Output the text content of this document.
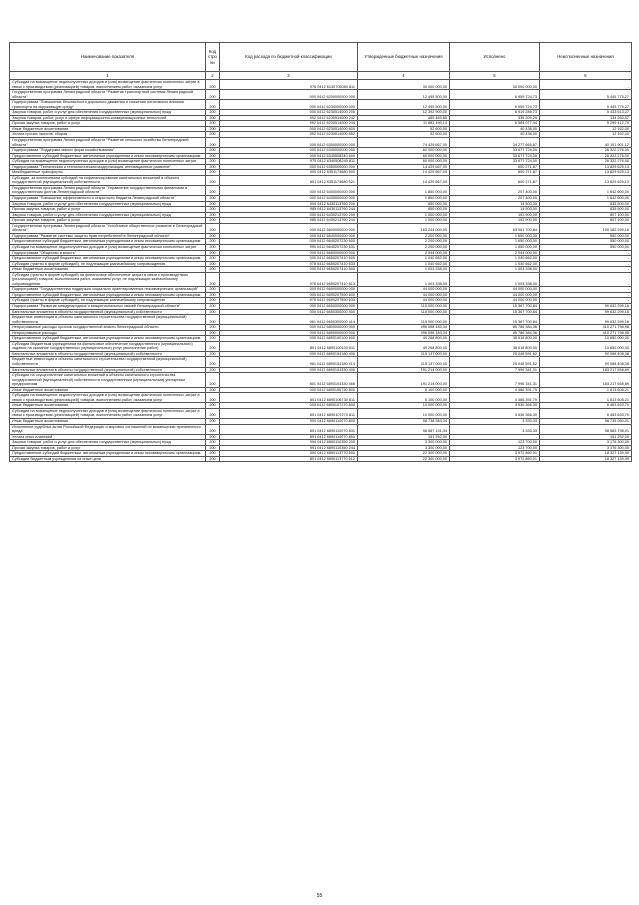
Наименование показателя	Код стро ки	Код расхода по бюджетной классификации	Утвержденные бюджетные назначения	Исполнено	Неисполненные назначения
1	2	3	4	5	6
Субсидии на возмещение недополученных доходов и (или) возмещение фактически понесенных затрат в связи с производством (реализацией) товаров, выполнением работ, оказанием услуг	200	976 0412 6130705080 811	30 000 000,00	30 000 000,00	-
Государственная программа Ленинградской области "Развитие транспортной системы Ленинградской области"	200	000 0412 6200000000 000	12 495 500,00	6 959 724,73	5 445 775,27
Подпрограмма "Повышение безопасности дорожного движения и снижение негативного влияния транспорта на окружающую среду"	200	000 0412 6230000000 000	12 495 500,00	6 959 724,73	5 445 775,27
Закупка товаров, работ и услуг для обеспечения государственных (муниципальных) нужд	200	000 0412 6230514000 200	12 392 900,00	6 919 286,73	5 433 613,27
Закупка товаров, работ, услуг в сфере информационно-коммуникационных технологий	200	992 0412 6230514000 242	469 469,85	335 209,29	134 260,57
Прочая закупка товаров, работ и услуг	200	992 0412 6230514000 244	11 883 490,14	6 584 077,44	5 299 412,70
Иные бюджетные ассигнования	200	000 0412 6230514000 800	52 600,00	40 438,00	12 162,00
Уплата прочих налогов, сборов	200	992 0412 6230514000 852	52 600,00	40 438,00	12 162,00
Государственная программа Ленинградской области "Развитие сельского хозяйства Ленинградской области"	200	000 0412 6300000000 000	74 429 667,00	34 277 665,87	40 151 901,12
Подпрограмма "Поддержка малых форм хозяйствования"	200	000 0412 6340000000 000	60 000 000,00	33 677 724,00	26 322 276,00
Предоставление субсидий бюджетным, автономным учреждениям и иным некоммерческим организациям	200	000 0412 6340508240 600	60 000 000,00	33 677 724,00	26 322 276,00
Субсидии на возмещение недополученных доходов и (или) возмещение фактически понесенных затрат	200	975 0412 6340508240 811	60 000 000,00	33 677 724,00	26 322 276,00
Подпрограмма "Техническая и технологическая модернизация, инновационное развитие"	200	000 0412 6350000000 000	14 429 667,00	600 271,87	13 829 625,13
Межбюджетные трансферты	200	000 0412 6351174680 500	14 429 667,00	600 271,87	13 829 625,13
Субсидии, за исключением субсидий на софинансирование капитальных вложений в объекты государственной (муниципальной) собственности	200	801 0412 6351174680 521	14 429 667,00	600 271,87	13 829 625,13
Государственная программа Ленинградской области "Управление государственными финансами и государственным долгом Ленинградской области"	200	000 0412 6400000000 000	1 850 000,00	207 400,00	1 642 600,00
Подпрограмма "Повышение эффективности и открытости бюджета Ленинградской области"	200	000 0412 6430000000 000	1 850 000,00	207 400,00	1 642 600,00
Закупка товаров, работ и услуг для обеспечения государственных (муниципальных) нужд	200	000 0412 6430113760 200	850 000,00	14 500,00	835 500,00
Прочая закупка товаров, работ и услуг	200	985 0412 6430113760 244	850 000,00	14 500,00	835 500,00
Закупка товаров, работ и услуг для обеспечения государственных (муниципальных) нужд	200	000 0412 6430213760 200	1 000 000,00	192 900,00	807 100,00
Прочая закупка товаров, работ и услуг	200	985 0412 6430213760 244	1 000 000,00	192 900,00	807 100,00
Государственная программа Ленинградской области "Устойчивое общественное развитие в Ленинградской области"	200	000 0412 6600000000 000	163 244 000,00	63 061 700,84	100 182 299,16
Подпрограмма "Развитие системы защиты прав потребителей в Ленинградской области"	200	000 0412 6640000000 000	2 200 000,00	1 650 000,00	550 000,00
Предоставление субсидий бюджетным, автономным учреждениям и иным некоммерческим организациям	200	000 0412 6640207230 600	2 200 000,00	1 650 000,00	550 000,00
Субсидии на возмещение недополученных доходов и (или) возмещение фактически понесенных затрат	200	990 0412 6640207230 631	2 200 000,00	1 650 000,00	550 000,00
Подпрограмма "Общество и власть"	200	000 0412 6650000000 000	2 044 000,00	2 044 000,00	-
Предоставление субсидий бюджетным, автономным учреждениям и иным некоммерческим организациям	200	000 0412 6650207410 600	1 040 662,00	1 040 662,00	-
Субсидии (гранты в форме субсидий), не подлежащие казначейскому сопровождению	200	978 0412 6650207410 633	1 040 662,00	1 040 662,00	-
Иные бюджетные ассигнования	200	000 0412 6650207410 800	1 003 338,00	1 003 338,00	-
Субсидии (гранты в форме субсидий) на финансовое обеспечение затрат в связи с производством (реализацией) товаров, выполнением работ, оказанием услуг, не подлежащие казначейскому сопровождению	200	978 0412 6650207410 813	1 003 338,00	1 003 338,00	-
Подпрограмма "Государственная поддержка социально ориентированных некоммерческих организаций"	200	000 0412 6690000000 000	44 000 000,00	44 000 000,00	-
Предоставление субсидий бюджетным, автономным учреждениям и иным некоммерческим организациям	200	000 0412 6690207590 600	44 000 000,00	44 000 000,00	-
Субсидии (гранты в форме субсидий), не подлежащие казначейскому сопровождению	200	978 0412 6690207590 633	44 000 000,00	44 000 000,00	-
Подпрограмма "Развитие международных и межрегиональных связей Ленинградской области"	200	000 0412 6650000000 000	115 000 000,00	15 367 700,84	99 632 299,16
Капитальные вложения в объекты государственной (муниципальной) собственности	200	000 0412 6650300000 400	115 000 000,00	15 367 700,84	99 632 299,16
Бюджетные инвестиции в объекты капитального строительства государственной (муниципальной) собственности	200	961 0412 6650300000 414	115 000 000,00	15 367 700,84	99 632 299,16
Непрограммные расходы органов государственной власти Ленинградской области	200	000 0412 6800000000 000	496 058 183,34	85 786 384,36	410 271 798,98
Непрограммные расходы	200	000 0412 6890000000 000	496 058 183,34	85 786 384,36	410 271 798,98
Предоставление субсидий бюджетным, автономным учреждениям и иным некоммерческим организациям	200	000 0412 6890100100 600	49 268 800,00	38 618 800,00	10 650 000,00
Субсидии бюджетным учреждениям на финансовое обеспечение государственного (муниципального) задания на оказание государственных (муниципальных) услуг (выполнение работ)	200	801 0412 6890100100 611	49 268 800,00	38 618 800,00	10 650 000,00
Капитальные вложения в объекты государственной (муниципальной) собственности	200	000 0412 6890104180 400	115 137 000,00	25 048 591,62	90 088 408,38
Бюджетные инвестиции в объекты капитального строительства государственной (муниципальной) собственности	200	961 0412 6890104180 414	115 137 000,00	25 048 591,62	90 088 408,38
Капитальные вложения в объекты государственной (муниципальной) собственности	200	000 0412 6890104330 400	191 214 000,00	7 996 341,31	183 217 658,69
Субсидии на осуществление капитальных вложений в объекты капитального строительства государственной (муниципальной) собственности государственным (муниципальным) унитарным предприятиям	200	801 0412 6890104330 466	191 214 000,00	7 996 341,31	183 217 658,69
Иные бюджетные ассигнования	200	000 0412 6890106730 800	6 100 000,00	4 486 391,79	1 613 608,21
Субсидии на возмещение недополученных доходов и (или) возмещение фактически понесенных затрат в связи с производством (реализацией) товаров, выполнением работ, оказанием услуг	200	801 0412 6890106730 811	6 100 000,00	4 486 391,79	1 613 608,21
Иные бюджетные ассигнования	200	000 0412 6890107270 800	10 000 000,00	3 536 366,30	6 463 633,70
Субсидии на возмещение недополученных доходов и (или) возмещение фактически понесенных затрат в связи с производством (реализацией) товаров, выполнением работ, оказанием услуг	200	801 0412 6890107270 811	10 000 000,00	3 536 366,30	6 463 633,70
Иные бюджетные ассигнования	200	000 0412 6890110070 800	98 738 383,34	3 333,33	98 735 050,01
Исполнение судебных актов Российской Федерации и мировых соглашений по возмещению причиненного вреда	200	801 0412 6890110070 831	98 587 131,34	3 333,33	98 583 798,01
Уплата иных платежей	200	801 0412 6890110070 853	151 252,00	-	151 252,00
Закупка товаров, работ и услуг для обеспечения государственных (муниципальных) нужд	200	000 0412 6890110350 200	3 300 000,00	123 700,00	3 176 300,00
Прочая закупка товаров, работ и услуг	200	991 0412 6890110350 244	3 300 000,00	123 700,00	3 176 300,00
Предоставление субсидий бюджетным, автономным учреждениям и иным некоммерческим организациям	200	000 0412 6890113770 600	22 300 000,00	3 972 860,01	18 327 139,99
Субсидии бюджетным учреждениям на иные цели	200	801 0412 6890113770 612	22 300 000,00	3 972 860,01	18 327 139,99
55
